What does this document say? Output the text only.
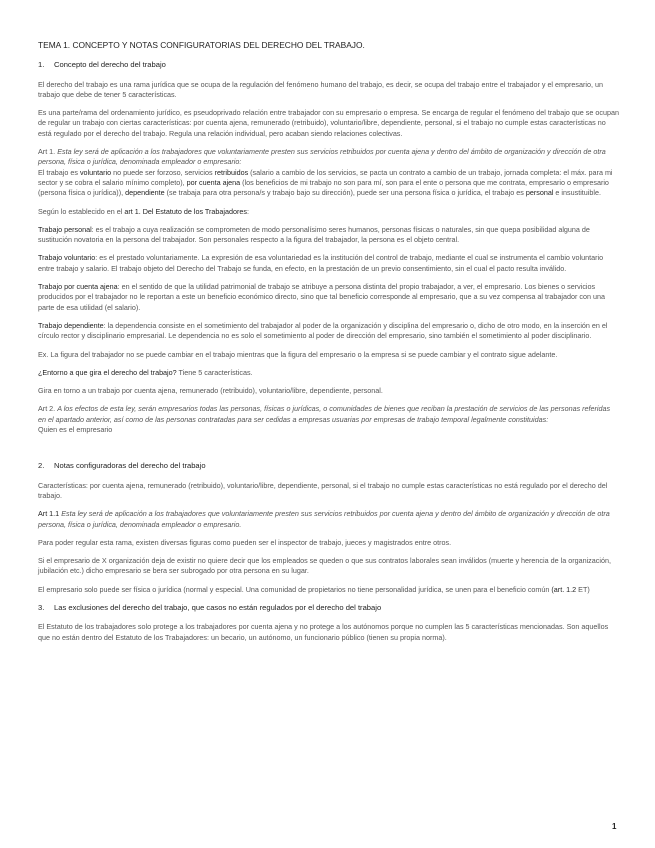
TEMA 1. CONCEPTO Y NOTAS CONFIGURATORIAS DEL DERECHO DEL TRABAJO.
1. Concepto del derecho del trabajo

El derecho del trabajo es una rama jurídica que se ocupa de la regulación del fenómeno humano del trabajo, es decir, se ocupa del trabajo entre el trabajador y el empresario, un trabajo que debe de tener 5 características.

Es una parte/rama del ordenamiento jurídico, es pseudoprivado relación entre trabajador con su empresario o empresa. Se encarga de regular el fenómeno del trabajo que se ocupan de regular un trabajo con ciertas características: por cuenta ajena, remunerado (retribuido), voluntario/libre, dependiente, personal, si el trabajo no cumple estas características no está regulado por el derecho del trabajo. Regula una relación individual, pero acaban siendo relaciones colectivas.

Art 1. Esta ley será de aplicación a los trabajadores que voluntariamente presten sus servicios retribuidos por cuenta ajena y dentro del ámbito de organización y dirección de otra persona, física o jurídica, denominada empleador o empresario:

El trabajo es voluntario no puede ser forzoso, servicios retribuidos (salario a cambio de los servicios, se pacta un contrato a cambio de un trabajo, jornada completa: el máx. para mi sector y se cobra el salario mínimo completo), por cuenta ajena (los beneficios de mi trabajo no son para mí, son para el ente o persona que me contrata, empresario o empresario (persona física o jurídica)), dependiente (se trabaja para otra persona/s y trabajo bajo su dirección), puede ser una persona física o jurídica, el trabajo es personal e insustituible.

Según lo establecido en el art 1. Del Estatuto de los Trabajadores:

Trabajo personal: es el trabajo a cuya realización se comprometen de modo personalísimo seres humanos, personas físicas o naturales, sin que quepa posibilidad alguna de sustitución novatoria en la persona del trabajador. Son personales respecto a la figura del trabajador, la persona es el objeto central.

Trabajo voluntario: es el prestado voluntariamente. La expresión de esa voluntariedad es la institución del control de trabajo, mediante el cual se instrumenta el cambio voluntario entre trabajo y salario. El trabajo objeto del Derecho del Trabajo se funda, en efecto, en la prestación de un previo consentimiento, sin el cual el pacto resulta inválido.

Trabajo por cuenta ajena: en el sentido de que la utilidad patrimonial de trabajo se atribuye a persona distinta del propio trabajador, a ver, el empresario. Los bienes o servicios producidos por el trabajador no le reportan a este un beneficio económico directo, sino que tal beneficio corresponde al empresario, que a su vez compensa al trabajador con una parte de esa utilidad (el salario).

Trabajo dependiente: la dependencia consiste en el sometimiento del trabajador al poder de la organización y disciplina del empresario o, dicho de otro modo, en la inserción en el círculo rector y disciplinario empresarial. Le dependencia no es solo el sometimiento al poder de dirección del empresario, sino también el sometimiento al poder disciplinario.

Ex. La figura del trabajador no se puede cambiar en el trabajo mientras que la figura del empresario o la empresa si se puede cambiar y el contrato sigue adelante.

¿Entorno a que gira el derecho del trabajo? Tiene 5 características.

Gira en torno a un trabajo por cuenta ajena, remunerado (retribuido), voluntario/libre, dependiente, personal.

Art 2. A los efectos de esta ley, serán empresarios todas las personas, físicas o jurídicas, o comunidades de bienes que reciban la prestación de servicios de las personas referidas en el apartado anterior, así como de las personas contratadas para ser cedidas a empresas usuarias por empresas de trabajo temporal legalmente constituidas:

Quien es el empresario

2. Notas configuradoras del derecho del trabajo

Características: por cuenta ajena, remunerado (retribuido), voluntario/libre, dependiente, personal, si el trabajo no cumple estas características no está regulado por el derecho del trabajo.

Art 1.1 Esta ley será de aplicación a los trabajadores que voluntariamente presten sus servicios retribuidos por cuenta ajena y dentro del ámbito de organización y dirección de otra persona, física o jurídica, denominada empleador o empresario.

Para poder regular esta rama, existen diversas figuras como pueden ser el inspector de trabajo, jueces y magistrados entre otros.

Si el empresario de X organización deja de existir no quiere decir que los empleados se queden o que sus contratos laborales sean inválidos (muerte y herencia de la organización, jubilación etc.) dicho empresario se bera ser subrogado por otra persona en su lugar.

El empresario solo puede ser física o jurídica (normal y especial. Una comunidad de propietarios no tiene personalidad jurídica, se unen para el beneficio común (art. 1.2 ET)

3. Las exclusiones del derecho del trabajo, que casos no están regulados por el derecho del trabajo

El Estatuto de los trabajadores solo protege a los trabajadores por cuenta ajena y no protege a los autónomos porque no cumplen las 5 características mencionadas. Son aquellos que no están dentro del Estatuto de los Trabajadores: un becario, un autónomo, un funcionario público (tienen su propia norma).

1
